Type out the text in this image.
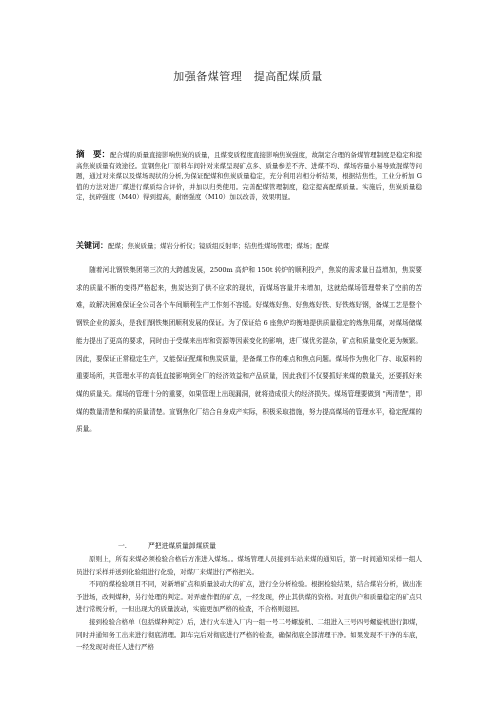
加强备煤管理　提高配煤质量
摘　要：配合煤的质量直接影响焦炭的质量，且煤变质程度直接影响焦炭强度，故制定合理的备煤管理制度是稳定和提高焦炭质量有效途径。宣钢焦化厂原料车间针对来煤呈现矿点多、质量参差不齐、进煤不均、煤场容量小易导致混煤等问题，通过对来煤以及煤场现状的分析,为保证配煤和焦炭质量稳定，充分利用岩相分析结果，根据结焦性，工业分析加 G 值的方法对进厂煤进行煤质综合评价，并加以归类使用。完善配煤管理制度，稳定提高配煤质量。实施后，焦炭质量稳定，抗碎强度（M40）得到提高，耐磨强度（M10）加以改善，效果明显。
关键词：配煤；焦炭质量；煤岩分析仪；镜质组反射率；结焦性煤场管理；煤场；配煤

随着河北钢铁集团第三次的大跨越发展，2500m 高炉和 150t 转炉的顺利投产，焦炭的需求量日益增加，焦炭要求的质量不断的变得严格起来，焦炭达到了供不应求的现状，而煤场容量并未增加，这就给煤场管理带来了空前的苦难，故解决困难保证全公司各个车间顺利生产工作刻不容缓。好煤炼好焦、好焦炼好铁、好铁炼好钢，备煤工艺是整个钢铁企业的源头，是我们钢铁集团顺利发展的保证。为了保证给 6 座焦炉均衡地提供质量稳定的炼焦用煤，对煤场储煤能力提出了更高的要求，同时由于受煤来出库和资源等因素变化的影响，进厂煤优劣混杂，矿点和质量变化更为频繁。因此，要保证正常稳定生产，又能保证配煤和焦炭质量，是备煤工作的难点和焦点问题。煤场作为焦化厂存、取原料的重要场所，其管理水平的高低直接影响到全厂的经济效益和产品质量，因此我们不仅要抓好来煤的数量关，还要抓好来煤的质量关。煤场的管理十分的重要，如果管理上出现漏洞，就将造成很大的经济损失。煤场管理要做到 "两清楚"，即煤的数量清楚和煤的质量清楚。宣钢焦化厂结合自身成产实际，积极采取措施，努力提高煤场的管理水平，稳定配煤的质量。

一.	严把进煤质量卸煤质量

原则上，所有来煤必须检验合格后方准进入煤场。。煤场管理人员接到车站来煤的通知后，第一时间通知采样一组人员进行采样并送到化验组进行化验，对煤厂来煤进行严格把关。

不同的煤检验项目不同，对新增矿点和质量波动大的矿点，进行全分析检验。根据检验结果，结合煤岩分析，做出准予进场，改判煤种，另行处理的判定。对弄虚作假的矿点，一经发现，停止其供煤的资格。对直供户和质量稳定的矿点只进行常规分析，一但出现大的质量波动，实施更加严格的检查，不合格则退回。

接到检验合格单（包括煤种判定）后，进行火车进入厂内一组一号二号螺旋机、二组进入三号四号螺旋机进行卸煤，同时并通知务工出来进行彻底清理。卸车完后对彻底进行严格的检查，确保彻底全部清理干净。如果发现不干净的车底，一经发现对责任人进行严格
